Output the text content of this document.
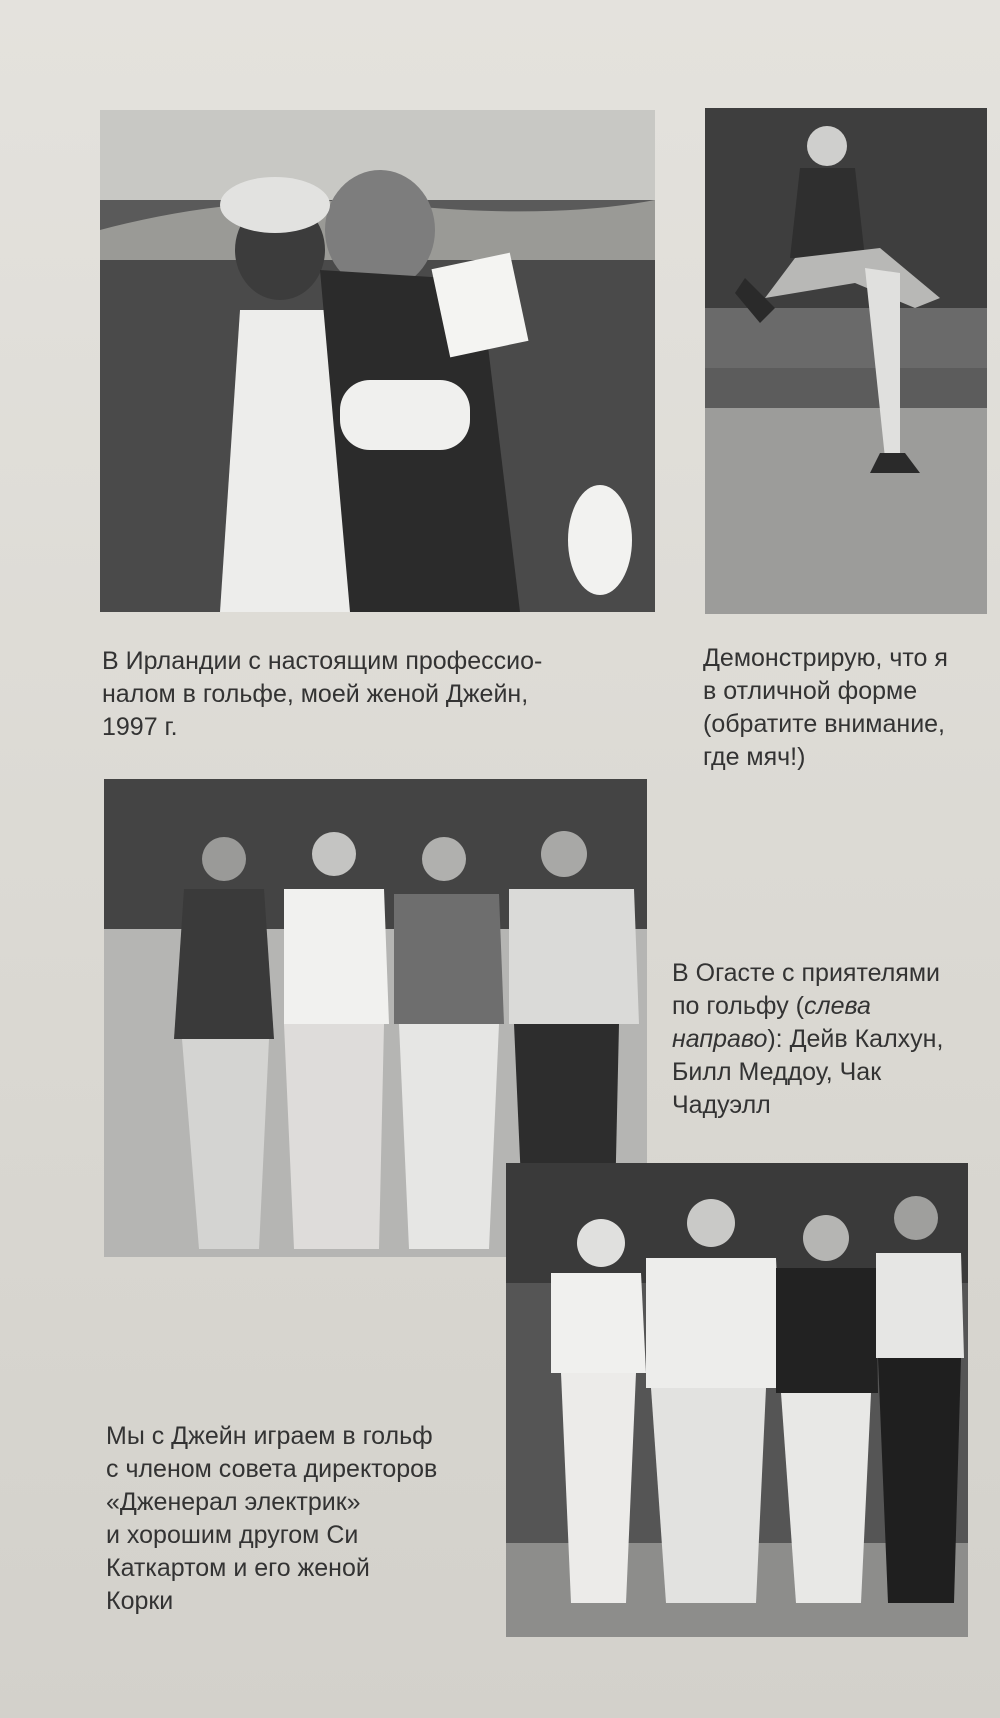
В Ирландии с настоящим профессио-
налом в гольфе, моей женой Джейн,
1997 г.
Демонстрирую, что я
в отличной форме
(обратите внимание,
где мяч!)
В Огасте с приятелями
по гольфу (слева
направо): Дейв Калхун,
Билл Меддоу, Чак
Чадуэлл
Мы с Джейн играем в гольф
с членом совета директоров
«Дженерал электрик»
и хорошим другом Си
Каткартом и его женой
Корки
